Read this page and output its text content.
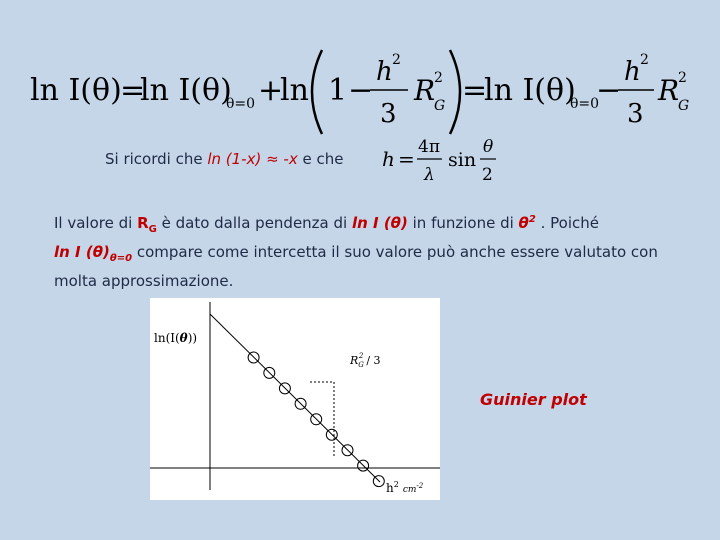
ln I(θ)
=
ln I(θ)
θ=0 +
ln 1 −
h 2
3
R
G
2 =
ln I(θ)
θ=0
−
h 2
3
R
G
2
Si ricordi che ln (1-x) ≈ -x e che h = 4π
λ
sin
θ
2
Il valore di $R_G$ è dato dalla pendenza di ln I (θ) in funzione di $\theta^2$ . Poiché
ln I $(\theta)_{\theta=0}$ compare come intercetta il suo valore può anche essere valutato con molta approssimazione.
ln(I(θ))
$R_G2 / 3$
$h^2_{cm}^{-2}$
Guinier plot
